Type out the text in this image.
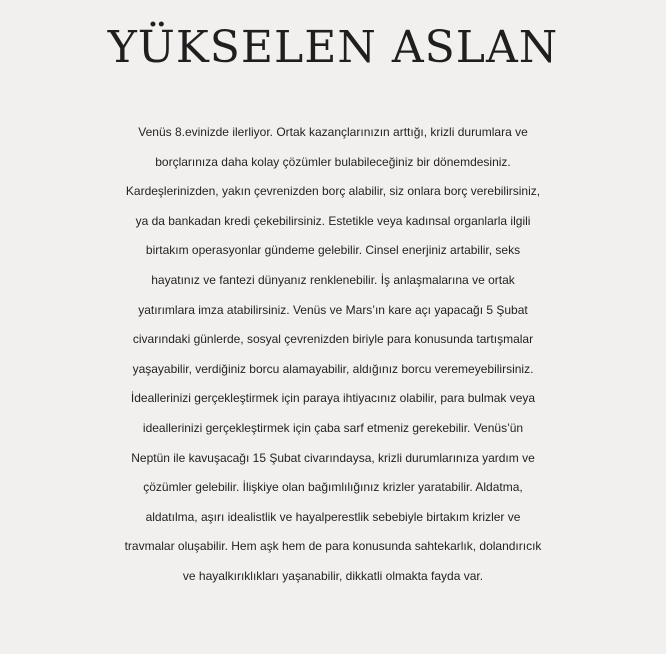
YÜKSELEN ASLAN
Venüs 8.evinizde ilerliyor. Ortak kazançlarınızın arttığı, krizli durumlara ve
borçlarınıza daha kolay çözümler bulabileceğiniz bir dönemdesiniz.
Kardeşlerinizden, yakın çevrenizden borç alabilir, siz onlara borç verebilirsiniz,
ya da bankadan kredi çekebilirsiniz. Estetikle veya kadınsal organlarla ilgili
birtakım operasyonlar gündeme gelebilir. Cinsel enerjiniz artabilir, seks
hayatınız ve fantezi dünyanız renklenebilir. İş anlaşmalarına ve ortak
yatırımlara imza atabilirsiniz. Venüs ve Mars’ın kare açı yapacağı 5 Şubat
civarındaki günlerde, sosyal çevrenizden biriyle para konusunda tartışmalar
yaşayabilir, verdiğiniz borcu alamayabilir, aldığınız borcu veremeyebilirsiniz.
İdeallerinizi gerçekleştirmek için paraya ihtiyacınız olabilir, para bulmak veya
ideallerinizi gerçekleştirmek için çaba sarf etmeniz gerekebilir. Venüs’ün
Neptün ile kavuşacağı 15 Şubat civarındaysa, krizli durumlarınıza yardım ve
çözümler gelebilir. İlişkiye olan bağımlılığınız krizler yaratabilir. Aldatma,
aldatılma, aşırı idealistlik ve hayalperestlik sebebiyle birtakım krizler ve
travmalar oluşabilir. Hem aşk hem de para konusunda sahtekarlık, dolandırıcık
ve hayalkırıklıkları yaşanabilir, dikkatli olmakta fayda var.
